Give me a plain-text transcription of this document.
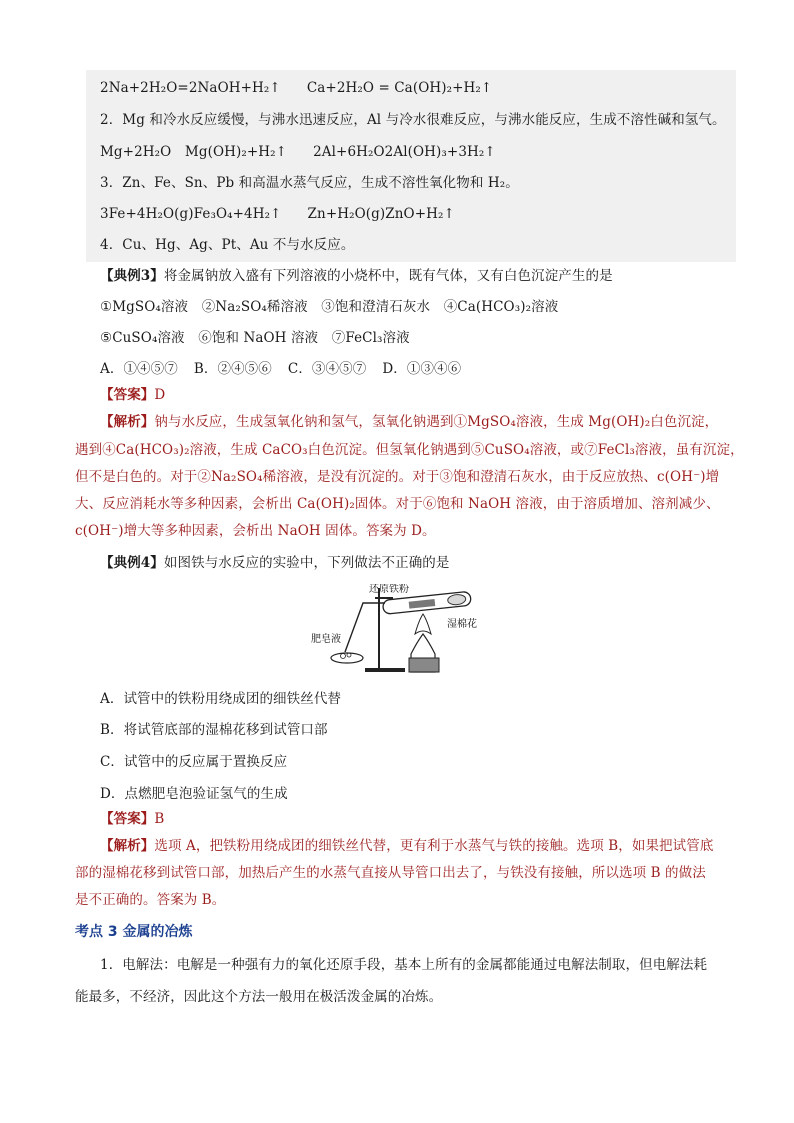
2Na+2H₂O=2NaOH+H₂↑ Ca+2H₂O = Ca(OH)₂+H₂↑
2．Mg 和冷水反应缓慢，与沸水迅速反应，Al 与冷水很难反应，与沸水能反应，生成不溶性碱和氢气。
Mg+2H₂O　Mg(OH)₂+H₂↑ 2Al+6H₂O2Al(OH)₃+3H₂↑
3．Zn、Fe、Sn、Pb 和高温水蒸气反应，生成不溶性氧化物和 H₂。
3Fe+4H₂O(g)Fe₃O₄+4H₂↑ Zn+H₂O(g)ZnO+H₂↑
4．Cu、Hg、Ag、Pt、Au 不与水反应。
【典例3】将金属钠放入盛有下列溶液的小烧杯中，既有气体，又有白色沉淀产生的是
①MgSO₄溶液　②Na₂SO₄稀溶液　③饱和澄清石灰水　④Ca(HCO₃)₂溶液
⑤CuSO₄溶液　⑥饱和 NaOH 溶液　⑦FeCl₃溶液
A．①④⑤⑦ B．②④⑤⑥ C．③④⑤⑦ D．①③④⑥
【答案】D
【解析】钠与水反应，生成氢氧化钠和氢气，氢氧化钠遇到①MgSO₄溶液，生成 Mg(OH)₂白色沉淀，
遇到④Ca(HCO₃)₂溶液，生成 CaCO₃白色沉淀。但氢氧化钠遇到⑤CuSO₄溶液，或⑦FeCl₃溶液，虽有沉淀，
但不是白色的。对于②Na₂SO₄稀溶液，是没有沉淀的。对于③饱和澄清石灰水，由于反应放热、c(OH⁻)增
大、反应消耗水等多种因素，会析出 Ca(OH)₂固体。对于⑥饱和 NaOH 溶液，由于溶质增加、溶剂减少、
c(OH⁻)增大等多种因素，会析出 NaOH 固体。答案为 D。
【典例4】如图铁与水反应的实验中，下列做法不正确的是
还原铁粉
湿棉花
肥皂液
A．试管中的铁粉用绕成团的细铁丝代替
B．将试管底部的湿棉花移到试管口部
C．试管中的反应属于置换反应
D．点燃肥皂泡验证氢气的生成
【答案】B
【解析】选项 A，把铁粉用绕成团的细铁丝代替，更有利于水蒸气与铁的接触。选项 B，如果把试管底
部的湿棉花移到试管口部，加热后产生的水蒸气直接从导管口出去了，与铁没有接触，所以选项 B 的做法
是不正确的。答案为 B。
考点 3 金属的冶炼
1．电解法：电解是一种强有力的氧化还原手段，基本上所有的金属都能通过电解法制取，但电解法耗
能最多，不经济，因此这个方法一般用在极活泼金属的冶炼。
